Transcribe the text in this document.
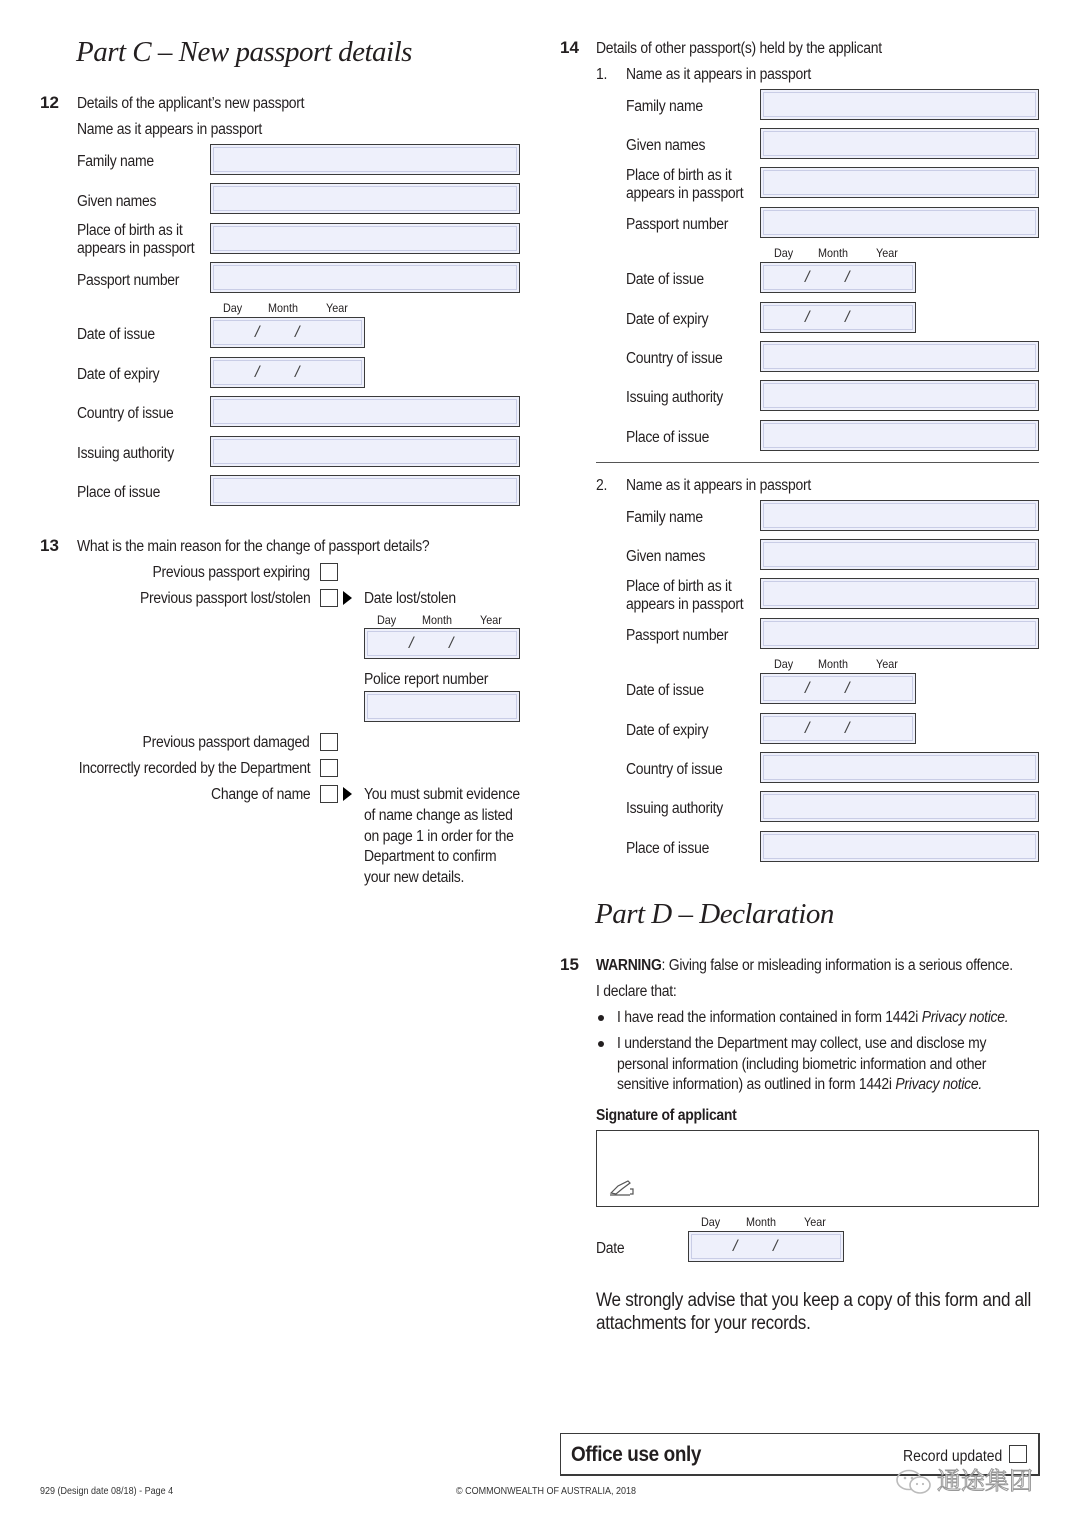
Part C – New passport details
12 Details of the applicant’s new passport
Name as it appears in passport
Family name
Given names
Place of birth as it
appears in passport
Passport number
Day Month Year
Date of issue	/ /
Date of expiry	/ /
Country of issue
Issuing authority
Place of issue
13 What is the main reason for the change of passport details?
Previous passport expiring
Previous passport lost/stolen	Date lost/stolen
Day Month Year
/ /
Police report number
Previous passport damaged
Incorrectly recorded by the Department
Change of name	You must submit evidence
of name change as listed
on page 1 in order for the
Department to confirm
your new details.
14 Details of other passport(s) held by the applicant
1. Name as it appears in passport
Family name
Given names
Place of birth as it
appears in passport
Passport number
Day Month Year
Date of issue	/ /
Date of expiry	/ /
Country of issue
Issuing authority
Place of issue
2. Name as it appears in passport
Family name
Given names
Place of birth as it
appears in passport
Passport number
Day Month Year
Date of issue	/ /
Date of expiry	/ /
Country of issue
Issuing authority
Place of issue
Part D – Declaration
15 WARNING: Giving false or misleading information is a serious offence.
I declare that:
I have read the information contained in form 1442i Privacy notice.
I understand the Department may collect, use and disclose my
personal information (including biometric information and other
sensitive information) as outlined in form 1442i Privacy notice.
Signature of applicant
Day Month Year
Date	/ /
We strongly advise that you keep a copy of this form and all
attachments for your records.
Office use only	Record updated
929 (Design date 08/18) - Page 4	© COMMONWEALTH OF AUSTRALIA, 2018	通途集团
